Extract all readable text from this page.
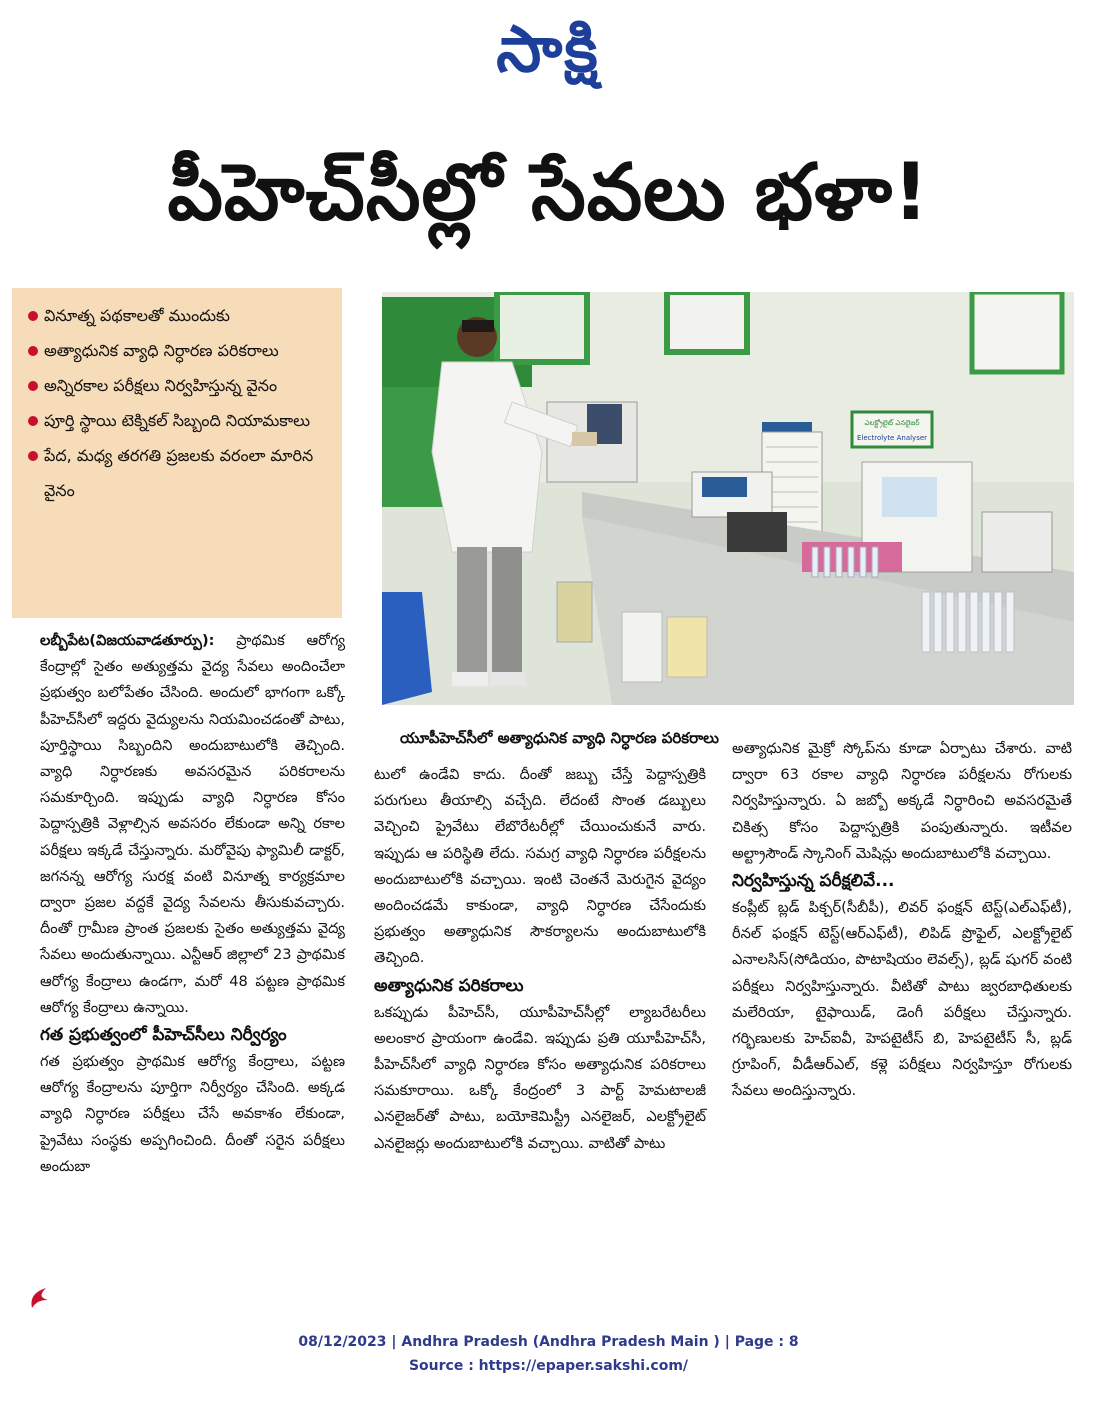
సాక్షి
పీహెచ్‌సీల్లో సేవలు భళా!
వినూత్న పథకాలతో ముందుకు
అత్యాధునిక వ్యాధి నిర్ధారణ పరికరాలు
అన్నిరకాల పరీక్షలు నిర్వహిస్తున్న వైనం
పూర్తి స్థాయి టెక్నికల్ సిబ్బంది నియామకాలు
పేద, మధ్య తరగతి ప్రజలకు వరంలా మారిన వైనం
ఎలక్ట్రోలైట్ ఎనలైజర్
Electrolyte Analyser
యూపీహెచ్‌సీలో అత్యాధునిక వ్యాధి నిర్ధారణ పరికరాలు

లబ్బీపేట(విజయవాడతూర్పు): ప్రాథమిక ఆరోగ్య కేంద్రాల్లో సైతం అత్యుత్తమ వైద్య సేవలు అందించేలా ప్రభుత్వం బలోపేతం చేసింది. అందులో భాగంగా ఒక్కో పీహెచ్‌సీలో ఇద్దరు వైద్యులను నియమించడంతో పాటు, పూర్తిస్థాయి సిబ్బందిని అందుబాటులోకి తెచ్చింది. వ్యాధి నిర్ధారణకు అవసరమైన పరికరాలను సమకూర్చింది. ఇప్పుడు వ్యాధి నిర్ధారణ కోసం పెద్దాస్పత్రికి వెళ్లాల్సిన అవసరం లేకుండా అన్ని రకాల పరీక్షలు ఇక్కడే చేస్తున్నారు. మరోవైపు ఫ్యామిలీ డాక్టర్, జగనన్న ఆరోగ్య సురక్ష వంటి వినూత్న కార్యక్రమాల ద్వారా ప్రజల వద్దకే వైద్య సేవలను తీసుకువచ్చారు. దీంతో గ్రామీణ ప్రాంత ప్రజలకు సైతం అత్యుత్తమ వైద్య సేవలు అందుతున్నాయి. ఎన్టీఆర్ జిల్లాలో 23 ప్రాథమిక ఆరోగ్య కేంద్రాలు ఉండగా, మరో 48 పట్టణ ప్రాథమిక ఆరోగ్య కేంద్రాలు ఉన్నాయి.

గత ప్రభుత్వంలో పీహెచ్‌సీలు నిర్వీర్యం

గత ప్రభుత్వం ప్రాథమిక ఆరోగ్య కేంద్రాలు, పట్టణ ఆరోగ్య కేంద్రాలను పూర్తిగా నిర్వీర్యం చేసింది. అక్కడ వ్యాధి నిర్ధారణ పరీక్షలు చేసే అవకాశం లేకుండా, ప్రైవేటు సంస్థకు అప్పగించింది. దీంతో సరైన పరీక్షలు అందుబా

టులో ఉండేవి కాదు. దీంతో జబ్బు చేస్తే పెద్దాస్పత్రికి పరుగులు తీయాల్సి వచ్చేది. లేదంటే సొంత డబ్బులు వెచ్చించి ప్రైవేటు లేబొరేటరీల్లో చేయించుకునే వారు. ఇప్పుడు ఆ పరిస్థితి లేదు. సమగ్ర వ్యాధి నిర్ధారణ పరీక్షలను అందుబాటులోకి వచ్చాయి. ఇంటి చెంతనే మెరుగైన వైద్యం అందించడమే కాకుండా, వ్యాధి నిర్ధారణ చేసేందుకు ప్రభుత్వం అత్యాధునిక సౌకర్యాలను అందుబాటులోకి తెచ్చింది.

అత్యాధునిక పరికరాలు

ఒకప్పుడు పీహెచ్‌సీ, యూపీహెచ్‌సీల్లో ల్యాబరేటరీలు అలంకార ప్రాయంగా ఉండేవి. ఇప్పుడు ప్రతి యూపీహెచ్‌సీ, పీహెచ్‌సీలో వ్యాధి నిర్ధారణ కోసం అత్యాధునిక పరికరాలు సమకూరాయి. ఒక్కో కేంద్రంలో 3 పార్ట్ హెమటాలజీ ఎనలైజర్‌తో పాటు, బయోకెమిస్ట్రీ ఎనలైజర్, ఎలక్ట్రోలైట్ ఎనలైజర్లు అందుబాటులోకి వచ్చాయి. వాటితో పాటు

అత్యాధునిక మైక్రో స్కోప్‌ను కూడా ఏర్పాటు చేశారు. వాటి ద్వారా 63 రకాల వ్యాధి నిర్ధారణ పరీక్షలను రోగులకు నిర్వహిస్తున్నారు. ఏ జబ్బో అక్కడే నిర్ధారించి అవసరమైతే చికిత్స కోసం పెద్దాస్పత్రికి పంపుతున్నారు. ఇటీవల అల్ట్రాసౌండ్ స్కానింగ్ మెషిన్లు అందుబాటులోకి వచ్చాయి.

నిర్వహిస్తున్న పరీక్షలివే...

కంప్లీట్ బ్లడ్ పిక్చర్(సీబీపీ), లివర్ ఫంక్షన్ టెస్ట్(ఎల్ఎఫ్‌టీ), రీనల్ ఫంక్షన్ టెస్ట్(ఆర్ఎఫ్‌టీ), లిపిడ్ ప్రొఫైల్, ఎలక్ట్రోలైట్ ఎనాలసిస్(సోడియం, పొటాషియం లెవల్స్), బ్లడ్ షుగర్ వంటి పరీక్షలు నిర్వహిస్తున్నారు. వీటితో పాటు జ్వరబాధితులకు మలేరియా, టైఫాయిడ్, డెంగీ పరీక్షలు చేస్తున్నారు. గర్భిణులకు హెచ్ఐవీ, హెపటైటీస్ బి, హెపటైటీస్ సీ, బ్లడ్ గ్రూపింగ్, వీడీఆర్ఎల్, కళ్లె పరీక్షలు నిర్వహిస్తూ రోగులకు సేవలు అందిస్తున్నారు.

08/12/2023 | Andhra Pradesh (Andhra Pradesh Main ) | Page : 8
Source : https://epaper.sakshi.com/
